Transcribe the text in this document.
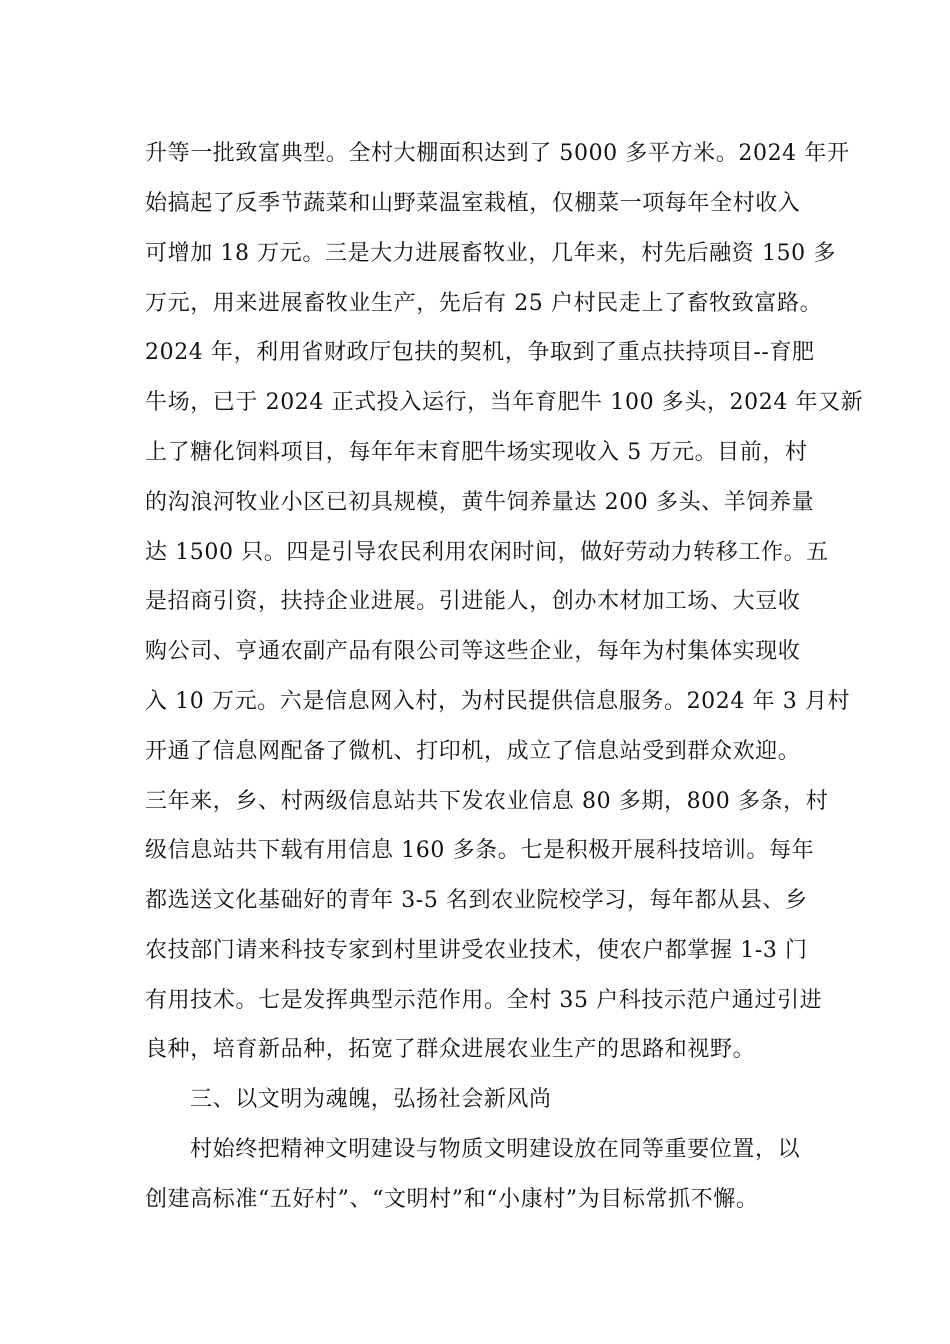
升等一批致富典型。全村大棚面积达到了 5000 多平方米。2024 年开
始搞起了反季节蔬菜和山野菜温室栽植，仅棚菜一项每年全村收入
可增加 18 万元。三是大力进展畜牧业，几年来，村先后融资 150 多
万元，用来进展畜牧业生产，先后有 25 户村民走上了畜牧致富路。
2024 年，利用省财政厅包扶的契机，争取到了重点扶持项目--育肥
牛场，已于 2024 正式投入运行，当年育肥牛 100 多头，2024 年又新
上了糖化饲料项目，每年年末育肥牛场实现收入 5 万元。目前，村
的沟浪河牧业小区已初具规模，黄牛饲养量达 200 多头、羊饲养量
达 1500 只。四是引导农民利用农闲时间，做好劳动力转移工作。五
是招商引资，扶持企业进展。引进能人，创办木材加工场、大豆收
购公司、亨通农副产品有限公司等这些企业，每年为村集体实现收
入 10 万元。六是信息网入村，为村民提供信息服务。2024 年 3 月村
开通了信息网配备了微机、打印机，成立了信息站受到群众欢迎。
三年来，乡、村两级信息站共下发农业信息 80 多期，800 多条，村
级信息站共下载有用信息 160 多条。七是积极开展科技培训。每年
都选送文化基础好的青年 3-5 名到农业院校学习，每年都从县、乡
农技部门请来科技专家到村里讲受农业技术，使农户都掌握 1-3 门
有用技术。七是发挥典型示范作用。全村 35 户科技示范户通过引进
良种，培育新品种，拓宽了群众进展农业生产的思路和视野。
三、以文明为魂魄，弘扬社会新风尚
村始终把精神文明建设与物质文明建设放在同等重要位置，以
创建高标准“五好村”、“文明村”和“小康村”为目标常抓不懈。
